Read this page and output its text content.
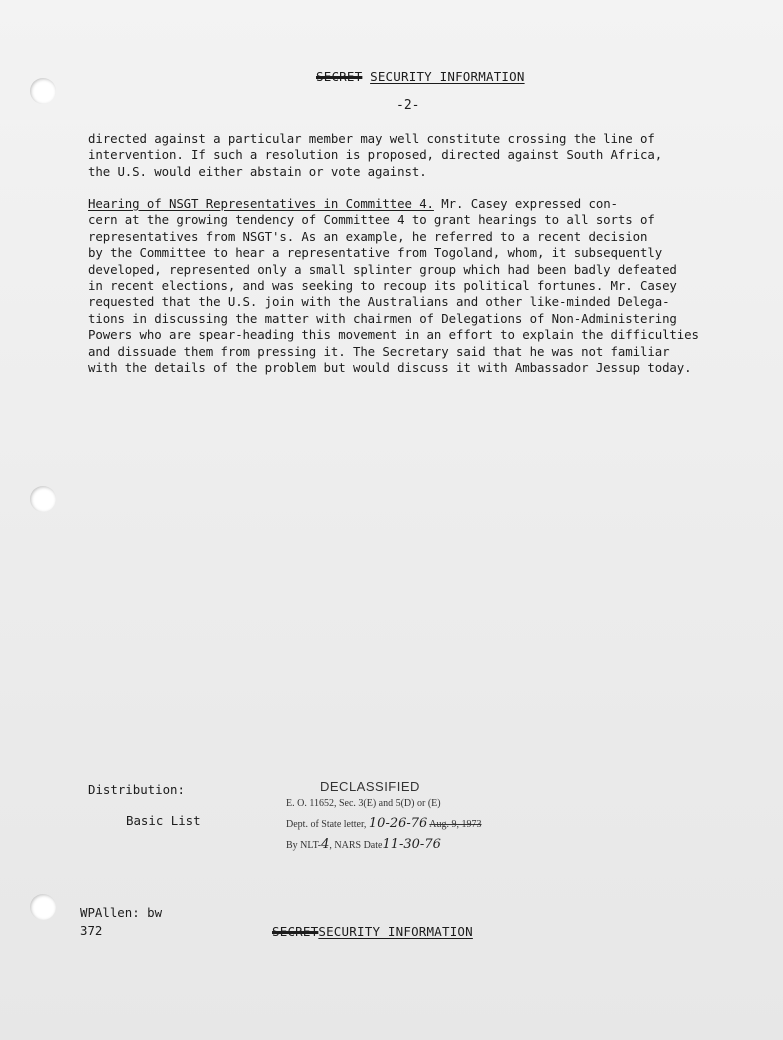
SECRET SECURITY INFORMATION
-2-
directed against a particular member may well constitute crossing the line of
intervention. If such a resolution is proposed, directed against South Africa,
the U.S. would either abstain or vote against.
Hearing of NSGT Representatives in Committee 4. Mr. Casey expressed con-
cern at the growing tendency of Committee 4 to grant hearings to all sorts of
representatives from NSGT's. As an example, he referred to a recent decision
by the Committee to hear a representative from Togoland, whom, it subsequently
developed, represented only a small splinter group which had been badly defeated
in recent elections, and was seeking to recoup its political fortunes. Mr. Casey
requested that the U.S. join with the Australians and other like-minded Delega-
tions in discussing the matter with chairmen of Delegations of Non-Administering
Powers who are spear-heading this movement in an effort to explain the difficulties
and dissuade them from pressing it. The Secretary said that he was not familiar
with the details of the problem but would discuss it with Ambassador Jessup today.
Distribution:
Basic List
DECLASSIFIED
E. O. 11652, Sec. 3(E) and 5(D) or (E)
Dept. of State letter, 10-26-76 Aug. 9, 1973
By NLT-4, NARS Date11-30-76
WPAllen: bw
372	SECRETSECURITY INFORMATION
